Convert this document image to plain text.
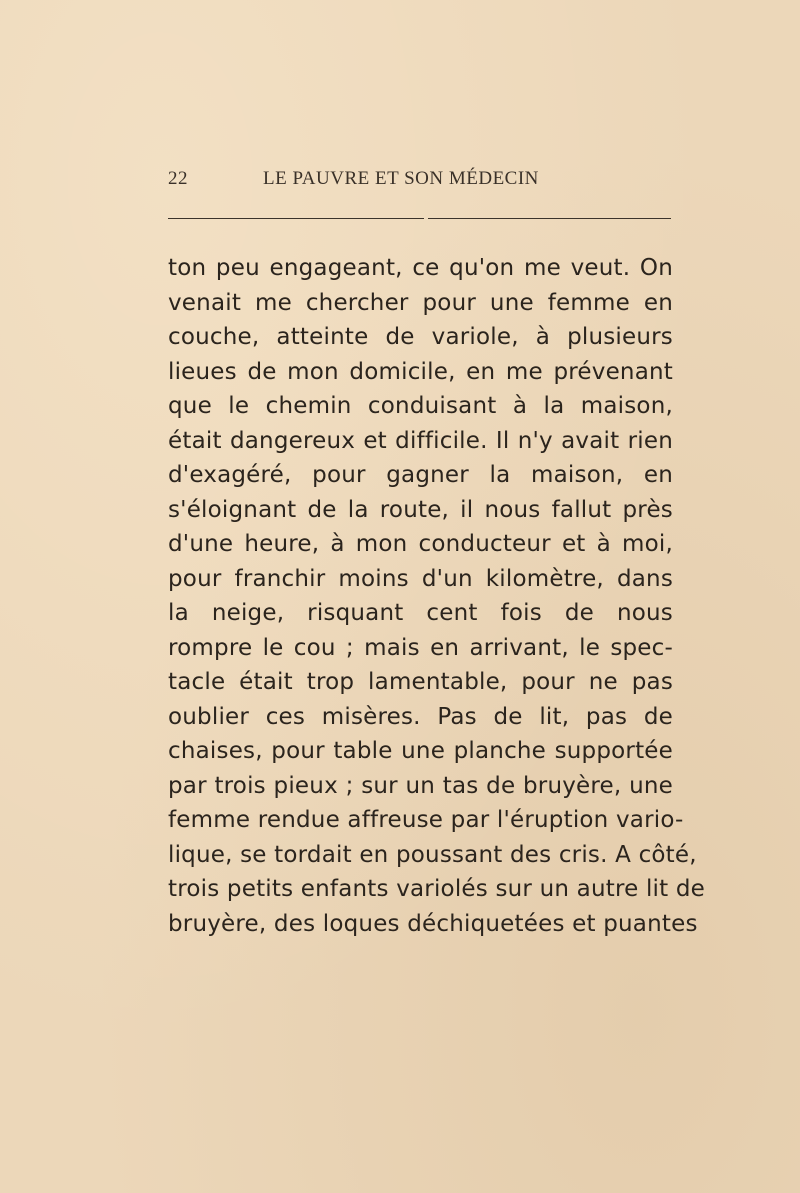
22	LE PAUVRE ET SON MÉDECIN
ton peu engageant, ce qu'on me veut. On
venait me chercher pour une femme en
couche, atteinte de variole, à plusieurs
lieues de mon domicile, en me prévenant
que le chemin conduisant à la maison,
était dangereux et difficile. Il n'y avait rien
d'exagéré, pour gagner la maison, en
s'éloignant de la route, il nous fallut près
d'une heure, à mon conducteur et à moi,
pour franchir moins d'un kilomètre, dans
la neige, risquant cent fois de nous
rompre le cou ; mais en arrivant, le spec-
tacle était trop lamentable, pour ne pas
oublier ces misères. Pas de lit, pas de
chaises, pour table une planche supportée
par trois pieux ; sur un tas de bruyère, une
femme rendue affreuse par l'éruption vario-
lique, se tordait en poussant des cris. A côté,
trois petits enfants variolés sur un autre lit de
bruyère, des loques déchiquetées et puantes
